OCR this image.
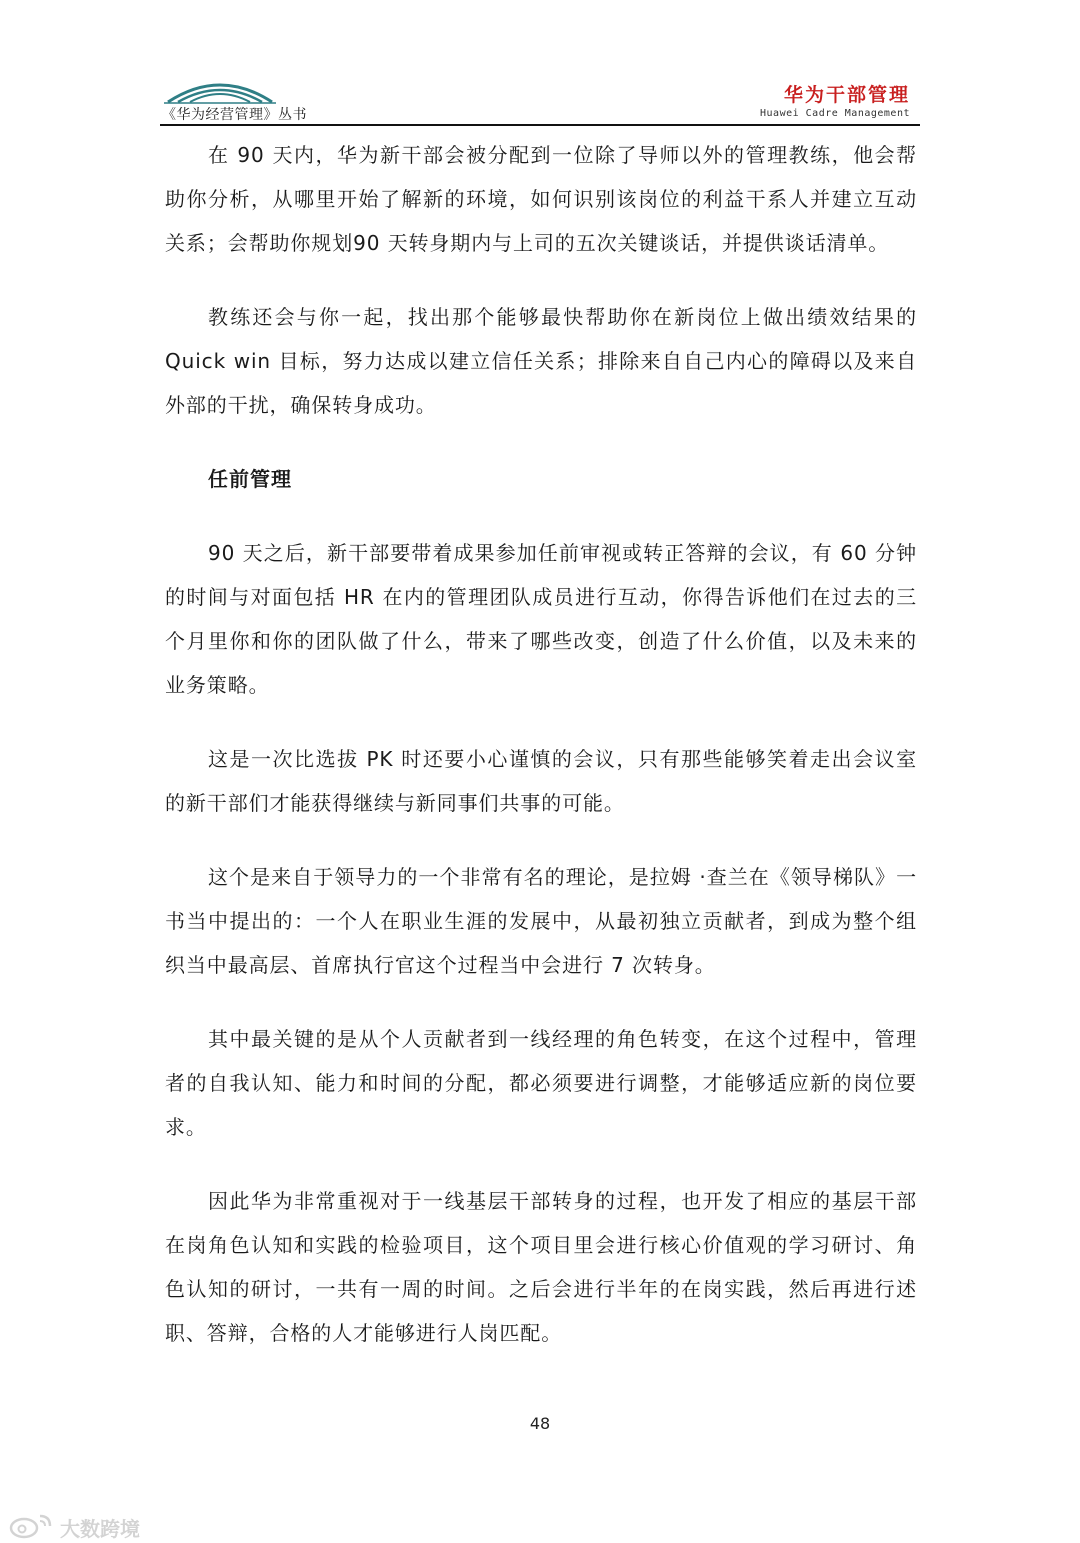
《华为经营管理》丛书
华为干部管理
Huawei Cadre Management

在 90 天内，华为新干部会被分配到一位除了导师以外的管理教练，他会帮助你分析，从哪里开始了解新的环境，如何识别该岗位的利益干系人并建立互动关系；会帮助你规划90 天转身期内与上司的五次关键谈话，并提供谈话清单。

教练还会与你一起，找出那个能够最快帮助你在新岗位上做出绩效结果的Quick win 目标，努力达成以建立信任关系；排除来自自己内心的障碍以及来自外部的干扰，确保转身成功。

任前管理

90 天之后，新干部要带着成果参加任前审视或转正答辩的会议，有 60 分钟的时间与对面包括 HR 在内的管理团队成员进行互动，你得告诉他们在过去的三个月里你和你的团队做了什么，带来了哪些改变，创造了什么价值，以及未来的业务策略。

这是一次比选拔 PK 时还要小心谨慎的会议，只有那些能够笑着走出会议室的新干部们才能获得继续与新同事们共事的可能。

这个是来自于领导力的一个非常有名的理论，是拉姆 ·查兰在《领导梯队》一书当中提出的：一个人在职业生涯的发展中，从最初独立贡献者，到成为整个组织当中最高层、首席执行官这个过程当中会进行 7 次转身。

其中最关键的是从个人贡献者到一线经理的角色转变，在这个过程中，管理者的自我认知、能力和时间的分配，都必须要进行调整，才能够适应新的岗位要求。

因此华为非常重视对于一线基层干部转身的过程，也开发了相应的基层干部在岗角色认知和实践的检验项目，这个项目里会进行核心价值观的学习研讨、角色认知的研讨，一共有一周的时间。之后会进行半年的在岗实践，然后再进行述职、答辩，合格的人才能够进行人岗匹配。

48
大数跨境
